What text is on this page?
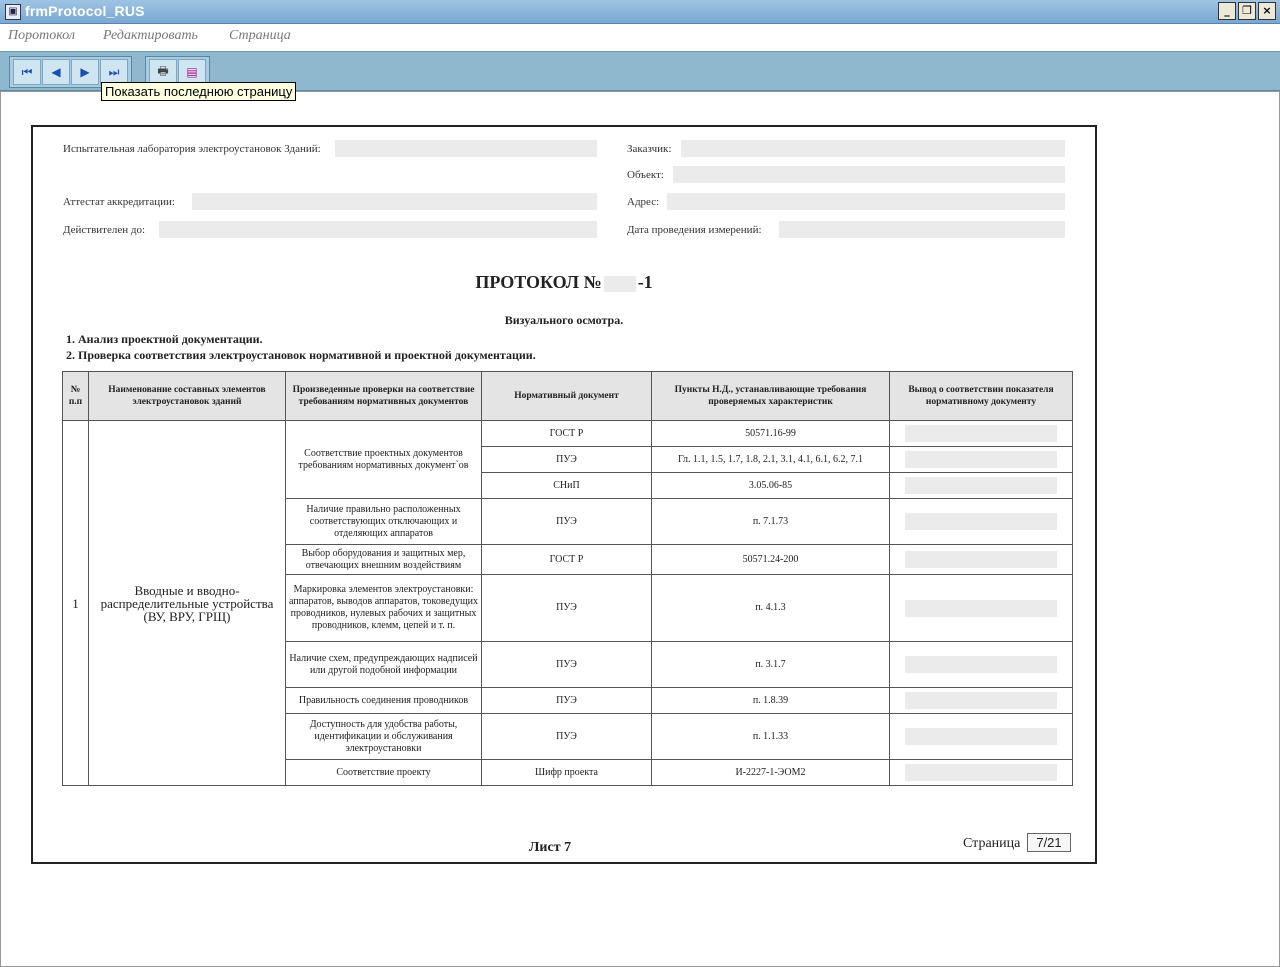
▣ frmProtocol_RUS	_	❐ ×
Поротокол Редактировать Страница
⏮ ◀ ▶ ⏭	🖶 ▤
Показать последнюю страницу
Испытательная лаборатория электроустановок Зданий:
Аттестат аккредитации:
Действителен до:
Заказчик:
Объект:
Адрес:
Дата проведения измерений:
ПРОТОКОЛ № -1
Визуального осмотра.
1. Анализ проектной документации.
2. Проверка соответствия электроустановок нормативной и проектной документации.
№ п.п	Наименование составных элементов электроустановок зданий	Произведенные проверки на соответствие требованиям нормативных документов	Нормативный документ	Пункты Н.Д., устанавливающие требования проверяемых характеристик	Вывод о соответствии показателя нормативному документу
1	Вводные и вводно-распределительные устройства (ВУ, ВРУ, ГРЩ)	Соответствие проектных документов требованиям нормативных документ`ов	ГОСТ Р	50571.16-99	

			ПУЭ	Гл. 1.1, 1.5, 1.7, 1.8, 2.1, 3.1, 4.1, 6.1, 6.2, 7.1	

			СНиП	3.05.06-85	

		Наличие правильно расположенных соответствующих отключающих и отделяющих аппаратов	ПУЭ	п. 7.1.73	

		Выбор оборудования и защитных мер, отвечающих внешним воздействиям	ГОСТ Р	50571.24-200	

		Маркировка элементов электроустановки: аппаратов, выводов аппаратов, токоведущих проводников, нулевых рабочих и защитных проводников, клемм, цепей и т. п.	ПУЭ	п. 4.1.3	

		Наличие схем, предупреждающих надписей или другой подобной информации	ПУЭ	п. 3.1.7	

		Правильность соединения проводников	ПУЭ	п. 1.8.39	

		Доступность для удобства работы, идентификации и обслуживания электроустановки	ПУЭ	п. 1.1.33	

		Соответствие проекту	Шифр проекта	И-2227-1-ЭОМ2	
Лист 7	Страница	7/21
